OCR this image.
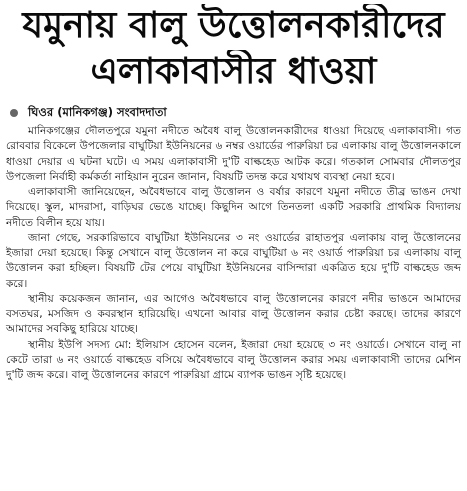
যমুনায় বালু উত্তোলনকারীদের
এলাকাবাসীর ধাওয়া
ঘিওর (মানিকগঞ্জ) সংবাদদাতা

মানিকগঞ্জের দৌলতপুরে যমুনা নদীতে অবৈধ বালু উত্তোলনকারীদের ধাওয়া দিয়েছে এলাকাবাসী। গত রোববার বিকেলে উপজেলার বাঘুটিয়া ইউনিয়নের ৬ নম্বর ওয়ার্ডের পারুরিয়া চর এলাকায় বালু উত্তোলনকালে ধাওয়া দেয়ার এ ঘটনা ঘটে। এ সময় এলাকাবাসী দু'টি বাল্কহেড আটক করে। গতকাল সোমবার দৌলতপুর উপজেলা নির্বাহী কর্মকর্তা নাহিয়ান নুরেন জানান, বিষয়টি তদন্ত করে যথাযথ ব্যবস্থা নেয়া হবে।

এলাকাবাসী জানিয়েছেন, অবৈধভাবে বালু উত্তোলন ও বর্ষার কারণে যমুনা নদীতে তীব্র ভাঙন দেখা দিয়েছে। স্কুল, মাদরাসা, বাড়িঘর ভেঙে যাচ্ছে। কিছুদিন আগে তিনতলা একটি সরকারি প্রাথমিক বিদ্যালয় নদীতে বিলীন হয়ে যায়।

জানা গেছে, সরকারিভাবে বাঘুটিয়া ইউনিয়নের ৩ নং ওয়ার্ডের রাহাতপুর এলাকায় বালু উত্তোলনের ইজারা দেয়া হয়েছে। কিন্তু সেখানে বালু উত্তোলন না করে বাঘুটিয়া ৬ নং ওয়ার্ড পারুরিয়া চর এলাকায় বালু উত্তোলন করা হচ্ছিল। বিষয়টি টের পেয়ে বাঘুটিয়া ইউনিয়নের বাসিন্দারা একত্রিত হয়ে দু'টি বাল্কহেড জব্দ করে।

স্থানীয় কয়েকজন জানান, এর আগেও অবৈধভাবে বালু উত্তোলনের কারণে নদীর ভাঙনে আমাদের বসতঘর, মসজিদ ও কবরস্থান হারিয়েছি। এখনো আবার বালু উত্তোলন করার চেষ্টা করছে। তাদের কারণে আমাদের সবকিছু হারিয়ে যাচ্ছে।

স্থানীয় ইউপি সদস্য মো: ইলিয়াস হোসেন বলেন, ইজারা দেয়া হয়েছে ৩ নং ওয়ার্ডে। সেখানে বালু না কেটে তারা ৬ নং ওয়ার্ডে বাল্কহেড বসিয়ে অবৈধভাবে বালু উত্তোলন করার সময় এলাকাবাসী তাদের মেশিন দু'টি জব্দ করে। বালু উত্তোলনের কারণে পারুরিয়া গ্রামে ব্যাপক ভাঙন সৃষ্টি হয়েছে।
